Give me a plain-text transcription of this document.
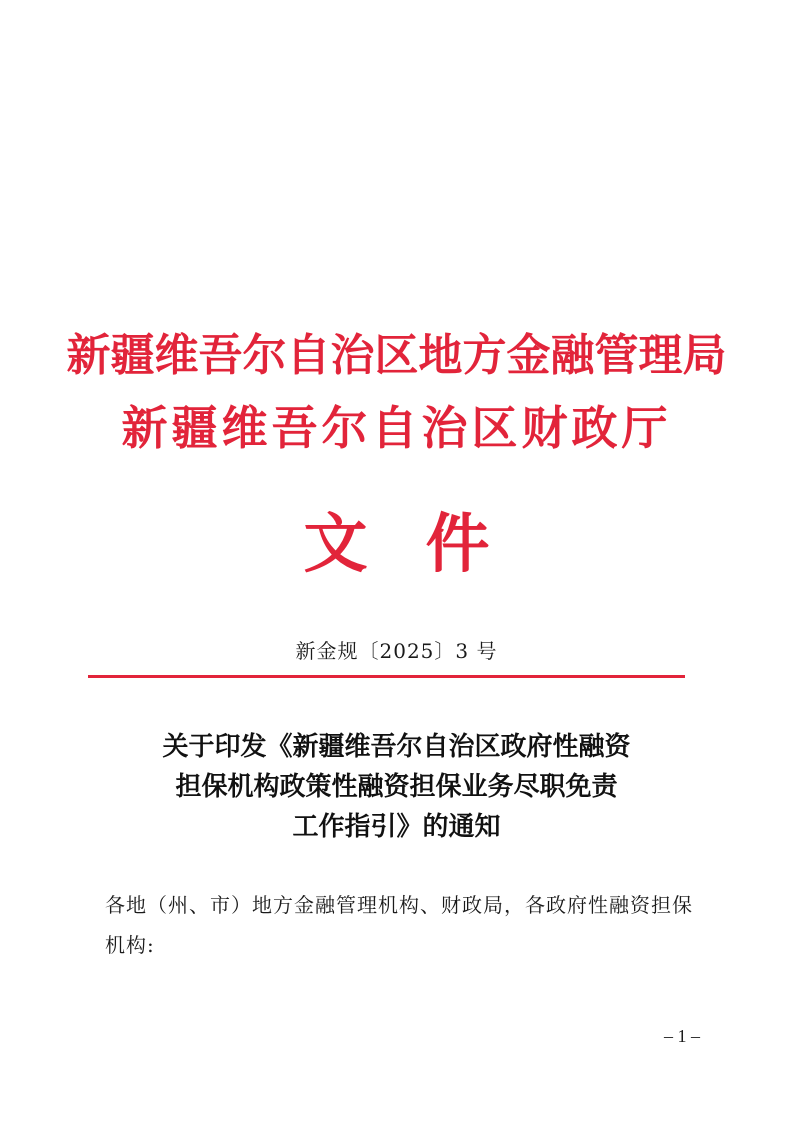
新疆维吾尔自治区地方金融管理局
新疆维吾尔自治区财政厅
文件
新金规〔2025〕3 号
关于印发《新疆维吾尔自治区政府性融资
担保机构政策性融资担保业务尽职免责
工作指引》的通知
各地（州、市）地方金融管理机构、财政局，各政府性融资担保
机构:
– 1 –
